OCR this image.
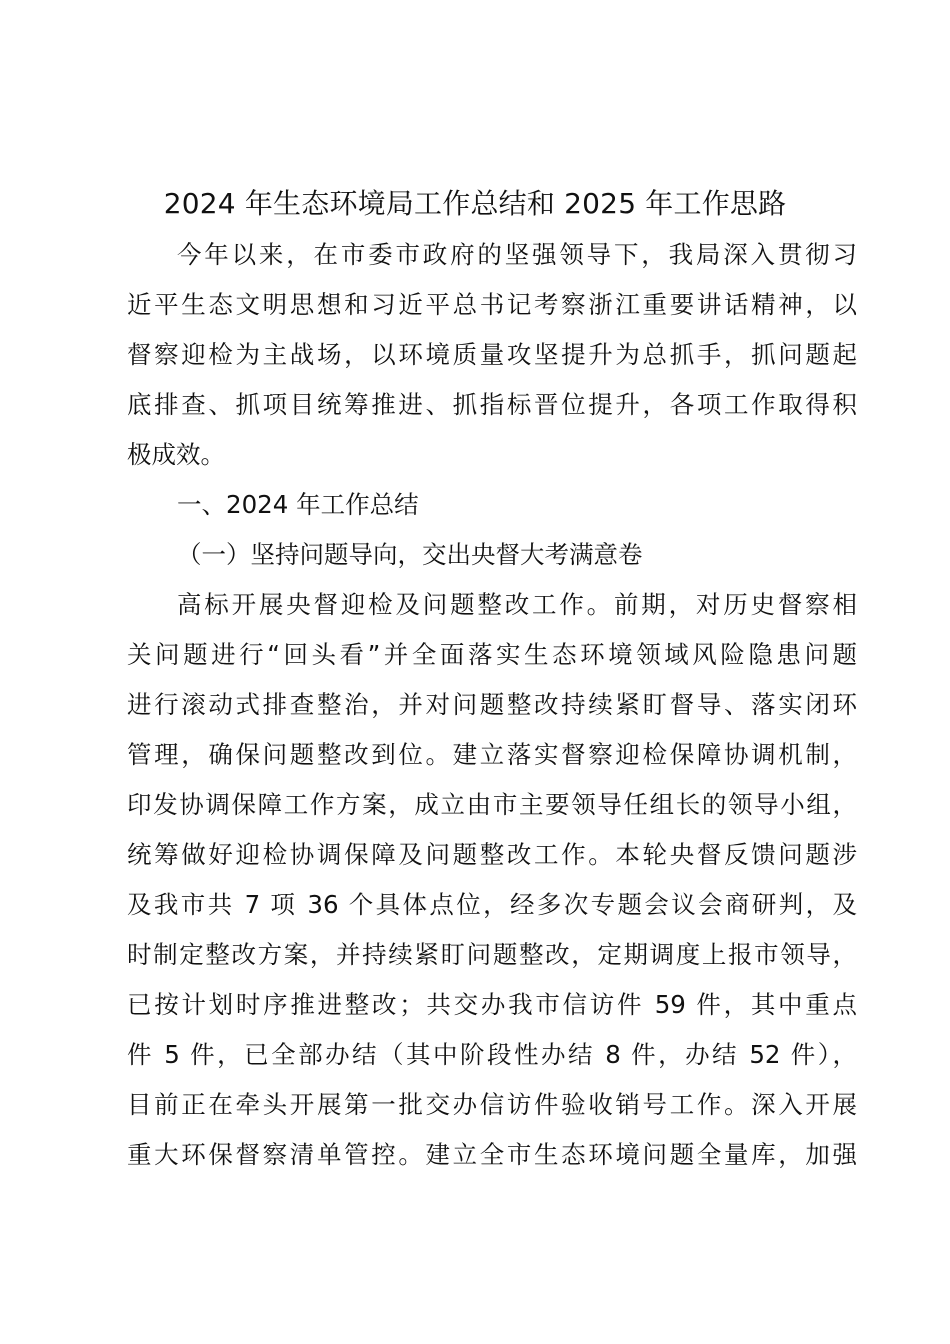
2024 年生态环境局工作总结和 2025 年工作思路
今年以来，在市委市政府的坚强领导下，我局深入贯彻习
近平生态文明思想和习近平总书记考察浙江重要讲话精神，以
督察迎检为主战场，以环境质量攻坚提升为总抓手，抓问题起
底排查、抓项目统筹推进、抓指标晋位提升，各项工作取得积
极成效。
一、2024 年工作总结
（一）坚持问题导向，交出央督大考满意卷
高标开展央督迎检及问题整改工作。前期，对历史督察相
关问题进行“回头看”并全面落实生态环境领域风险隐患问题
进行滚动式排查整治，并对问题整改持续紧盯督导、落实闭环
管理，确保问题整改到位。建立落实督察迎检保障协调机制，
印发协调保障工作方案，成立由市主要领导任组长的领导小组，
统筹做好迎检协调保障及问题整改工作。本轮央督反馈问题涉
及我市共 7 项 36 个具体点位，经多次专题会议会商研判，及
时制定整改方案，并持续紧盯问题整改，定期调度上报市领导，
已按计划时序推进整改；共交办我市信访件 59 件，其中重点
件 5 件，已全部办结（其中阶段性办结 8 件，办结 52 件），
目前正在牵头开展第一批交办信访件验收销号工作。深入开展
重大环保督察清单管控。建立全市生态环境问题全量库，加强
